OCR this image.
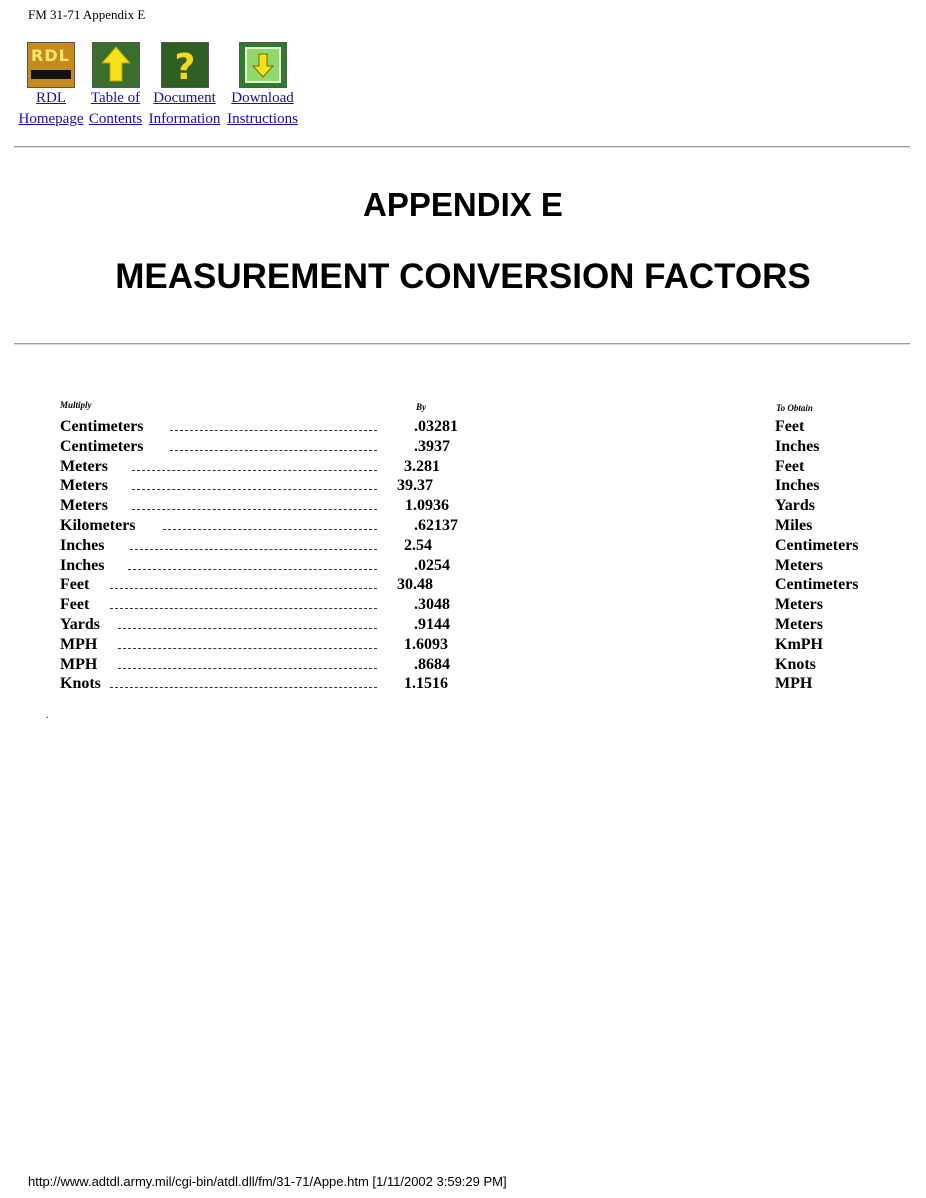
FM 31-71 Appendix E
RDL
RDL
Homepage
Table of
Contents
?
Document
Information
Download
Instructions
APPENDIX E
MEASUREMENT CONVERSION FACTORS
Multiply	By	To Obtain
Centimeters	.03281	Feet
Centimeters	.3937	Inches
Meters	3.281	Feet
Meters	39.37	Inches
Meters	1.0936	Yards
Kilometers	.62137	Miles
Inches	2.54	Centimeters
Inches	.0254	Meters
Feet	30.48	Centimeters
Feet	.3048	Meters
Yards	.9144	Meters
MPH	1.6093	KmPH
MPH	.8684	Knots
Knots	1.1516	MPH
.
http://www.adtdl.army.mil/cgi-bin/atdl.dll/fm/31-71/Appe.htm [1/11/2002 3:59:29 PM]
